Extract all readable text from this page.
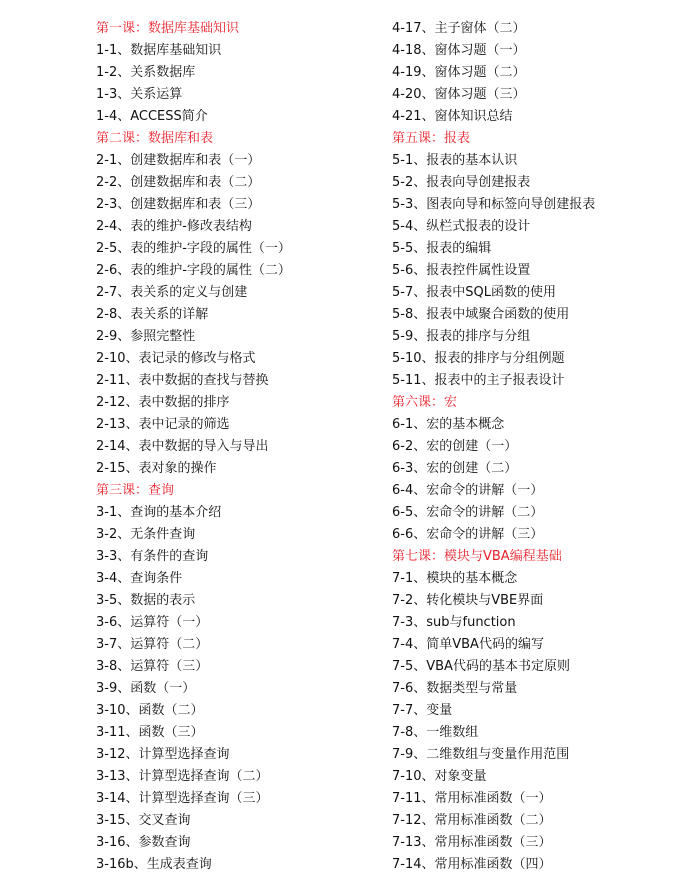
第一课：数据库基础知识
1-1、数据库基础知识
1-2、关系数据库
1-3、关系运算
1-4、ACCESS简介
第二课：数据库和表
2-1、创建数据库和表（一）
2-2、创建数据库和表（二）
2-3、创建数据库和表（三）
2-4、表的维护-修改表结构
2-5、表的维护-字段的属性（一）
2-6、表的维护-字段的属性（二）
2-7、表关系的定义与创建
2-8、表关系的详解
2-9、参照完整性
2-10、表记录的修改与格式
2-11、表中数据的查找与替换
2-12、表中数据的排序
2-13、表中记录的筛选
2-14、表中数据的导入与导出
2-15、表对象的操作
第三课：查询
3-1、查询的基本介绍
3-2、无条件查询
3-3、有条件的查询
3-4、查询条件
3-5、数据的表示
3-6、运算符（一）
3-7、运算符（二）
3-8、运算符（三）
3-9、函数（一）
3-10、函数（二）
3-11、函数（三）
3-12、计算型选择查询
3-13、计算型选择查询（二）
3-14、计算型选择查询（三）
3-15、交叉查询
3-16、参数查询
3-16b、生成表查询
4-17、主子窗体（二）
4-18、窗体习题（一）
4-19、窗体习题（二）
4-20、窗体习题（三）
4-21、窗体知识总结
第五课：报表
5-1、报表的基本认识
5-2、报表向导创建报表
5-3、图表向导和标签向导创建报表
5-4、纵栏式报表的设计
5-5、报表的编辑
5-6、报表控件属性设置
5-7、报表中SQL函数的使用
5-8、报表中域聚合函数的使用
5-9、报表的排序与分组
5-10、报表的排序与分组例题
5-11、报表中的主子报表设计
第六课：宏
6-1、宏的基本概念
6-2、宏的创建（一）
6-3、宏的创建（二）
6-4、宏命令的讲解（一）
6-5、宏命令的讲解（二）
6-6、宏命令的讲解（三）
第七课：模块与VBA编程基础
7-1、模块的基本概念
7-2、转化模块与VBE界面
7-3、sub与function
7-4、简单VBA代码的编写
7-5、VBA代码的基本书定原则
7-6、数据类型与常量
7-7、变量
7-8、一维数组
7-9、二维数组与变量作用范围
7-10、对象变量
7-11、常用标准函数（一）
7-12、常用标准函数（二）
7-13、常用标准函数（三）
7-14、常用标准函数（四）
